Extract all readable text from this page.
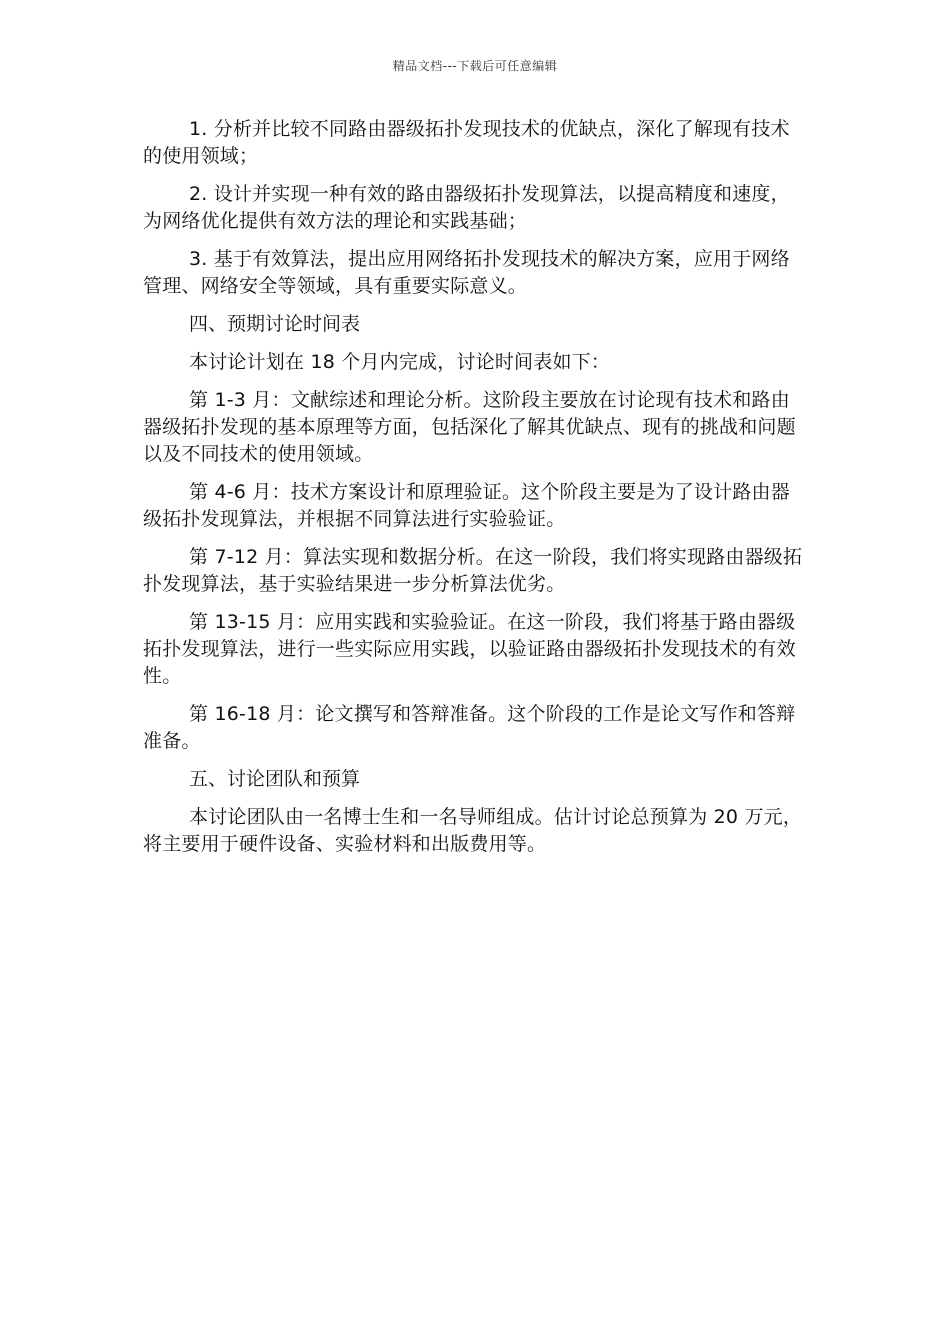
精品文档---下载后可任意编辑

1. 分析并比较不同路由器级拓扑发现技术的优缺点，深化了解现有技术的使用领域；

2. 设计并实现一种有效的路由器级拓扑发现算法，以提高精度和速度，为网络优化提供有效方法的理论和实践基础；

3. 基于有效算法，提出应用网络拓扑发现技术的解决方案，应用于网络管理、网络安全等领域，具有重要实际意义。

四、预期讨论时间表

本讨论计划在 18 个月内完成，讨论时间表如下：

第 1-3 月：文献综述和理论分析。这阶段主要放在讨论现有技术和路由器级拓扑发现的基本原理等方面，包括深化了解其优缺点、现有的挑战和问题以及不同技术的使用领域。

第 4-6 月：技术方案设计和原理验证。这个阶段主要是为了设计路由器级拓扑发现算法，并根据不同算法进行实验验证。

第 7-12 月：算法实现和数据分析。在这一阶段，我们将实现路由器级拓扑发现算法，基于实验结果进一步分析算法优劣。

第 13-15 月：应用实践和实验验证。在这一阶段，我们将基于路由器级拓扑发现算法，进行一些实际应用实践，以验证路由器级拓扑发现技术的有效性。

第 16-18 月：论文撰写和答辩准备。这个阶段的工作是论文写作和答辩准备。

五、讨论团队和预算

本讨论团队由一名博士生和一名导师组成。估计讨论总预算为 20 万元，将主要用于硬件设备、实验材料和出版费用等。
